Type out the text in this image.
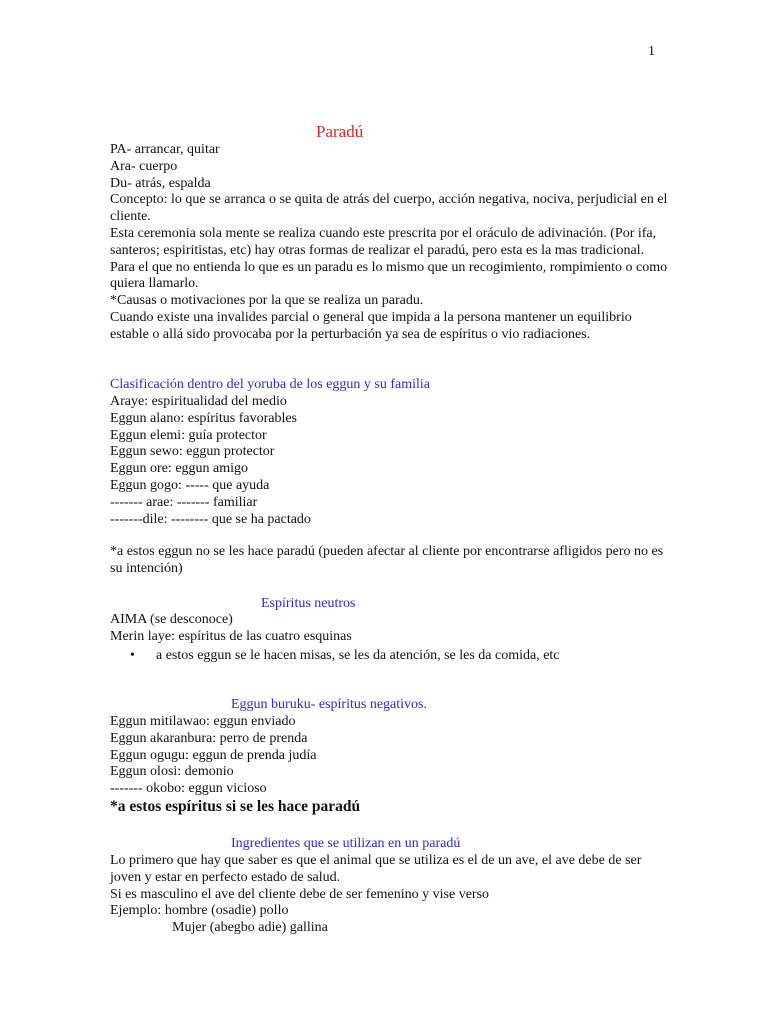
1
Paradú

PA- arrancar, quitar

Ara- cuerpo

Du- atrás, espalda

Concepto: lo que se arranca o se quita de atrás del cuerpo, acción negativa, nociva, perjudicial en el cliente.

Esta ceremonia sola mente se realiza cuando este prescrita por el oráculo de adivinación. (Por ifa, santeros; espiritistas, etc) hay otras formas de realizar el paradú, pero esta es la mas tradicional. Para el que no entienda lo que es un paradu es lo mismo que un recogimiento, rompimiento o como quiera llamarlo.

*Causas o motivaciones por la que se realiza un paradu.

Cuando existe una invalides parcial o general que impida a la persona mantener un equilibrio estable o allá sido provocaba por la perturbación ya sea de espíritus o vio radiaciones.

Clasificación dentro del yoruba de los eggun y su familia

Araye: espiritualidad del medio

Eggun alano: espíritus favorables

Eggun elemi: guía protector

Eggun sewo: eggun protector

Eggun ore: eggun amigo

Eggun gogo: ----- que ayuda

------- arae: ------- familiar

-------dile: -------- que se ha pactado

*a estos eggun no se les hace paradú (pueden afectar al cliente por encontrarse afligidos pero no es su intención)
Espíritus neutros

AIMA (se desconoce)

Merin laye: espíritus de las cuatro esquinas

• a estos eggun se le hacen misas, se les da atención, se les da comida, etc
Eggun buruku- espíritus negativos.

Eggun mitilawao: eggun enviado

Eggun akaranbura: perro de prenda

Eggun ogugu: eggun de prenda judía

Eggun olosi: demonio

------- okobo: eggun vicioso

*a estos espíritus si se les hace paradú
Ingredientes que se utilizan en un paradú

Lo primero que hay que saber es que el animal que se utiliza es el de un ave, el ave debe de ser joven y estar en perfecto estado de salud.

Si es masculino el ave del cliente debe de ser femenino y vise verso

Ejemplo: hombre (osadie) pollo

Mujer (abegbo adie) gallina
